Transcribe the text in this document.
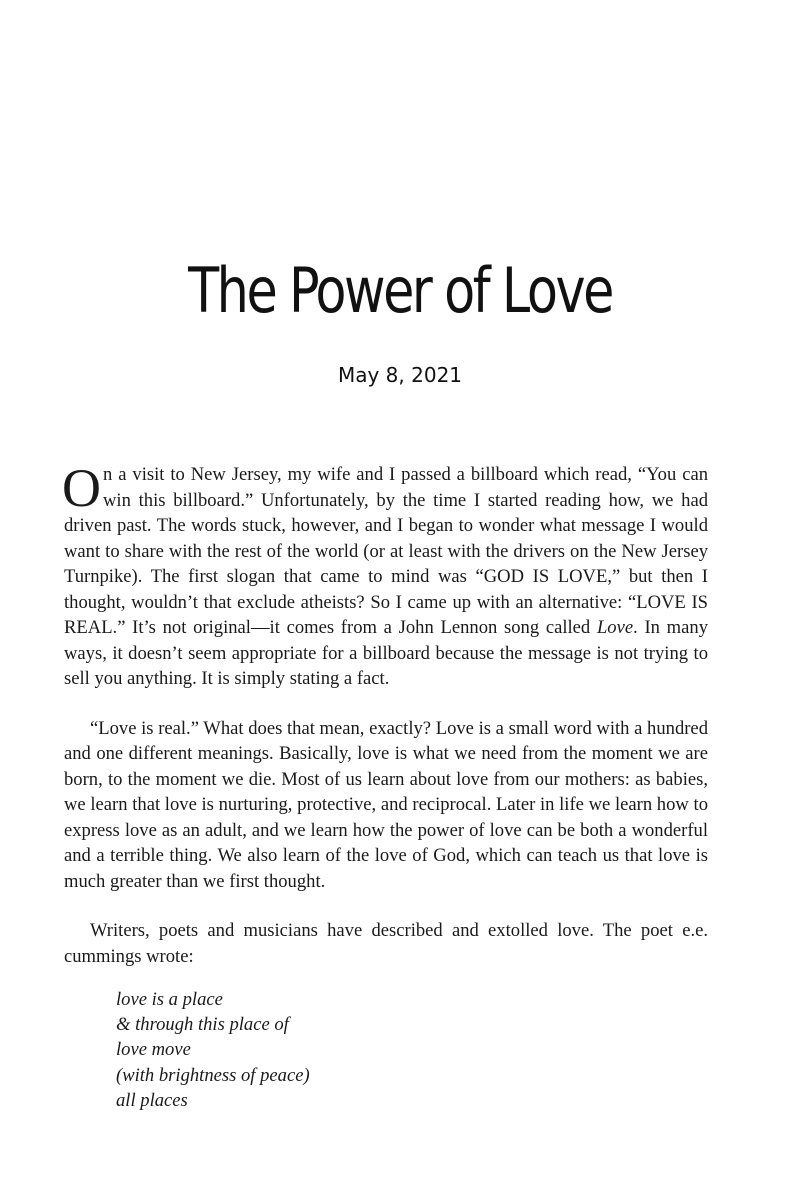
The Power of Love
May 8, 2021

On a visit to New Jersey, my wife and I passed a billboard which read, “You can win this billboard.” Unfortunately, by the time I started reading how, we had driven past. The words stuck, however, and I began to wonder what message I would want to share with the rest of the world (or at least with the drivers on the New Jersey Turnpike). The first slogan that came to mind was “GOD IS LOVE,” but then I thought, wouldn’t that exclude atheists? So I came up with an alternative: “LOVE IS REAL.” It’s not original—it comes from a John Lennon song called Love. In many ways, it doesn’t seem appropriate for a billboard because the message is not trying to sell you anything. It is simply stating a fact.

“Love is real.” What does that mean, exactly? Love is a small word with a hundred and one different meanings. Basically, love is what we need from the moment we are born, to the moment we die. Most of us learn about love from our mothers: as babies, we learn that love is nurturing, protective, and reciprocal. Later in life we learn how to express love as an adult, and we learn how the power of love can be both a wonderful and a terrible thing. We also learn of the love of God, which can teach us that love is much greater than we first thought.

Writers, poets and musicians have described and extolled love. The poet e.e. cummings wrote:

love is a place
& through this place of
love move
(with brightness of peace)
all places
